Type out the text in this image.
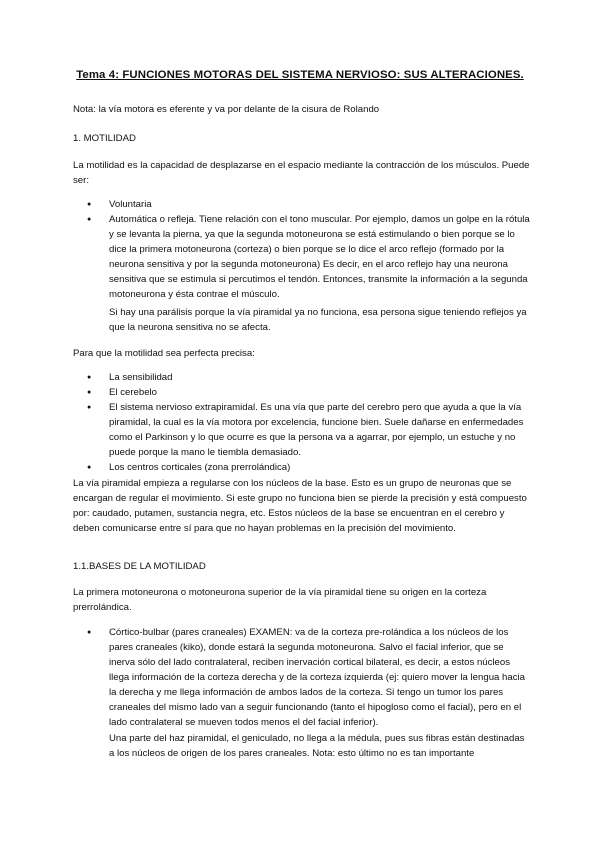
Tema 4: FUNCIONES MOTORAS DEL SISTEMA NERVIOSO: SUS ALTERACIONES.

Nota: la vía motora es eferente y va por delante de la cisura de Rolando

1. MOTILIDAD

La motilidad es la capacidad de desplazarse en el espacio mediante la contracción de los músculos. Puede ser:

● Voluntaria
● Automática o refleja. Tiene relación con el tono muscular. Por ejemplo, damos un golpe en la rótula y se levanta la pierna, ya que la segunda motoneurona se está estimulando o bien porque se lo dice la primera motoneurona (corteza) o bien porque se lo dice el arco reflejo (formado por la neurona sensitiva y por la segunda motoneurona) Es decir, en el arco reflejo hay una neurona sensitiva que se estimula si percutimos el tendón. Entonces, transmite la información a la segunda motoneurona y ésta contrae el músculo.

Si hay una parálisis porque la vía piramidal ya no funciona, esa persona sigue teniendo reflejos ya que la neurona sensitiva no se afecta.

Para que la motilidad sea perfecta precisa:

● La sensibilidad
● El cerebelo
● El sistema nervioso extrapiramidal. Es una vía que parte del cerebro pero que ayuda a que la vía piramidal, la cual es la vía motora por excelencia, funcione bien. Suele dañarse en enfermedades como el Parkinson y lo que ocurre es que la persona va a agarrar, por ejemplo, un estuche y no puede porque la mano le tiembla demasiado.
● Los centros corticales (zona prerrolándica)

La vía piramidal empieza a regularse con los núcleos de la base. Esto es un grupo de neuronas que se encargan de regular el movimiento. Si este grupo no funciona bien se pierde la precisión y está compuesto por: caudado, putamen, sustancia negra, etc. Estos núcleos de la base se encuentran en el cerebro y deben comunicarse entre sí para que no hayan problemas en la precisión del movimiento.

1.1.BASES DE LA MOTILIDAD

La primera motoneurona o motoneurona superior de la vía piramidal tiene su origen en la corteza prerrolándica.

● Córtico-bulbar (pares craneales) EXAMEN: va de la corteza pre-rolándica a los núcleos de los pares craneales (kiko), donde estará la segunda motoneurona. Salvo el facial inferior, que se inerva sólo del lado contralateral, reciben inervación cortical bilateral, es decir, a estos núcleos llega información de la corteza derecha y de la corteza izquierda (ej: quiero mover la lengua hacia la derecha y me llega información de ambos lados de la corteza. Si tengo un tumor los pares craneales del mismo lado van a seguir funcionando (tanto el hipogloso como el facial), pero en el lado contralateral se mueven todos menos el del facial inferior).

Una parte del haz piramidal, el geniculado, no llega a la médula, pues sus fibras están destinadas a los núcleos de origen de los pares craneales. Nota: esto último no es tan importante
